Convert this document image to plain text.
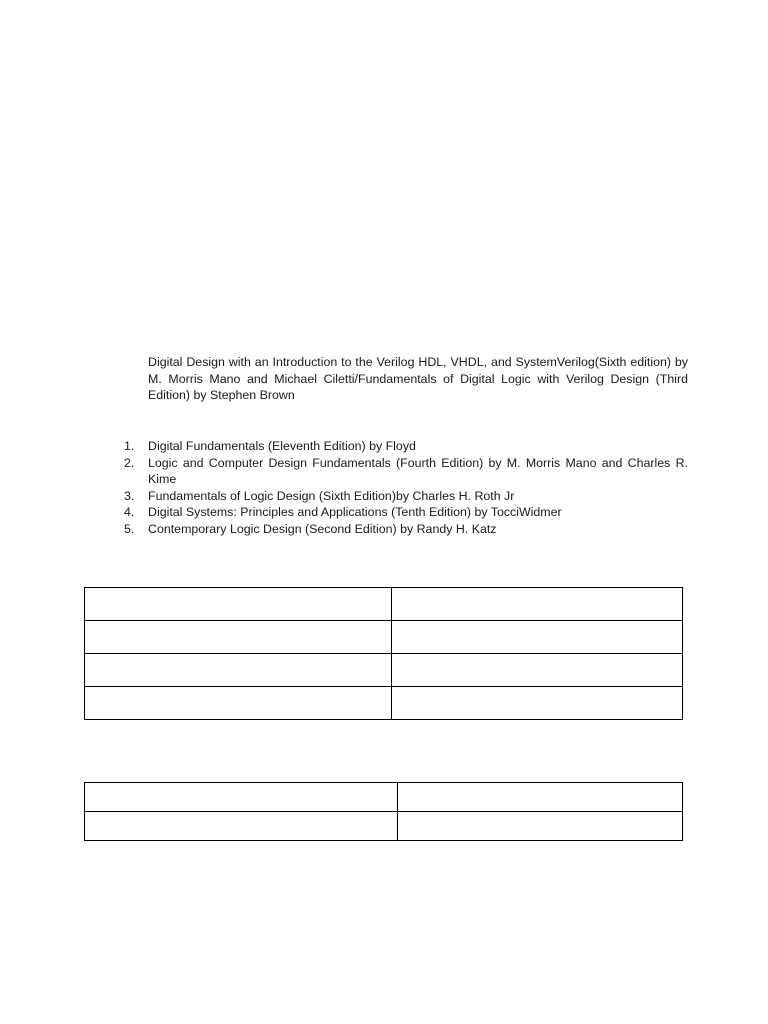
Digital Design with an Introduction to the Verilog HDL, VHDL, and SystemVerilog(Sixth edition) by M. Morris Mano and Michael Ciletti/Fundamentals of Digital Logic with Verilog Design (Third Edition) by Stephen Brown

1. Digital Fundamentals (Eleventh Edition) by Floyd
2. Logic and Computer Design Fundamentals (Fourth Edition) by M. Morris Mano and Charles R. Kime
3. Fundamentals of Logic Design (Sixth Edition)by Charles H. Roth Jr
4. Digital Systems: Principles and Applications (Tenth Edition) by TocciWidmer
5. Contemporary Logic Design (Second Edition) by Randy H. Katz
